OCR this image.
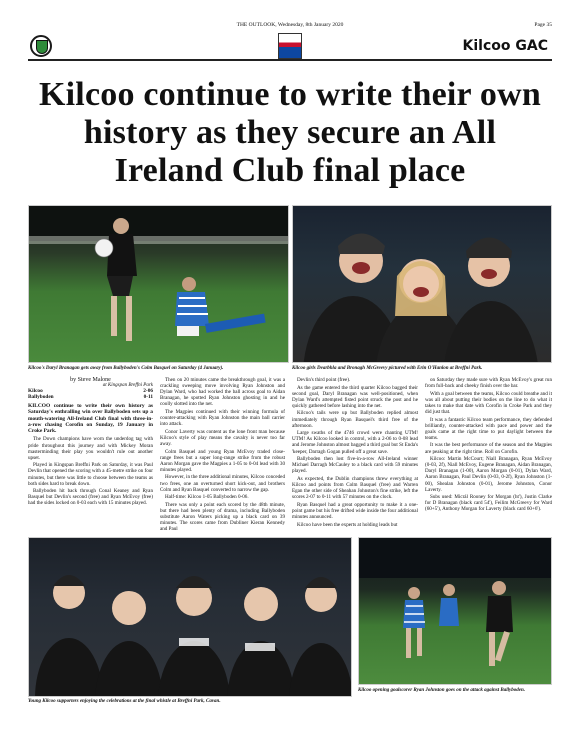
THE OUTLOOK, Wednesday, 8th January 2020	Page 35
Kilcoo GAC
Kilcoo continue to write their own history as they secure an All Ireland Club final place
Kilcoo's Daryl Branagan gets away from Ballyboden's Colm Basquel on Saturday (4 January).	Kilcoo girls Dearbhla and Bronagh McGreevy pictured with Erin O'Hanlon at Breffni Park.
by Steve Malone
at Kingspan Breffni Park
Kilcoo	2-06
Ballyboden	0-11
KILCOO continue to write their own history as Saturday's enthralling win over Ballyboden sets up a mouth-watering All-Ireland Club final with three-in-a-row chasing Corofin on Sunday, 19 January in Croke Park.

The Down champions have worn the underdog tag with pride throughout this journey and with Mickey Moran masterminding their play you wouldn't rule out another upset.

Played in Kingspan Breffni Park on Saturday, it was Paul Devlin that opened the scoring with a 45-metre strike on four minutes, but there was little to choose between the teams as both sides hard to break down.

Ballyboden hit back through Conal Keaney and Ryan Basquel but Devlin's second (free) and Ryan McEvoy (free) had the sides locked on 0-03 each with 15 minutes played.

Then on 20 minutes came the breakthrough goal, it was a crackling sweeping move involving Ryan Johnston and Dylan Ward, who had worked the ball across goal to Aidan Branagan, he spotted Ryan Johnston ghosting in and he coolly slotted into the net.

The Magpies continued with their winning formula of counter-attacking with Ryan Johnston the main ball carrier into attack.

Conor Laverty was content as the lone front man because Kilcoo's style of play means the cavalry is never too far away.

Colm Basquel and young Ryan McEvoy traded close-range frees but a super long-range strike from the robust Aaron Morgan gave the Magpies a 1-05 to 0-04 lead with 30 minutes played.

However, in the three additional minutes, Kilcoo conceded two frees, one an overturned short kick-out, and brothers Colm and Ryan Basquel converted to narrow the gap.

Half-time: Kilcoo 1-05 Ballyboden 0-06.

There was only a point each scored by the 48th minute, but there had been plenty of drama, including Ballyboden substitute Aaron Waters picking up a black card on 39 minutes. The scores came from Dubliner Kieran Kennedy and Paul

Devlin's third point (free).

As the game entered the third quarter Kilcoo bagged their second goal, Daryl Branagan was well-positioned, when Dylan Ward's attempted fisted point struck the post and he quickly gathered before lashing into the net.

Kilcoo's tails were up but Ballyboden replied almost immediately through Ryan Basquel's third free of the afternoon.

Large swaths of the 4746 crowd were chanting UTM! UTM! As Kilcoo looked in control, with a 2-06 to 0-08 lead and Jerome Johnston almost bagged a third goal but St Enda's 'keeper, Darragh Gogan pulled off a great save.

Ballyboden then lost five-in-a-row All-Ireland winner Michael Darragh McCauley to a black card with 59 minutes played.

As expected, the Dublin champions threw everything at Kilcoo and points from Colm Basquel (free) and Warren Egan the other side of Sheahan Johnston's fine strike, left the scores 2-07 to 0-11 with 57 minutes on the clock.

Ryan Basquel had a great opportunity to make it a one-point game but his free drifted wide inside the four additional minutes announced.

Kilcoo have been the experts at holding leads but

on Saturday they made sure with Ryan McEvoy's great run from full-back and cheeky finish over the bar.

With a goal between the teams, Kilcoo could breathe and it was all about putting their bodies on the line to do what it takes to make that date with Corofin in Croke Park and they did just that.

It was a fantastic Kilcoo team performance, they defended brilliantly, counter-attacked with pace and power and the goals came at the right time to put daylight between the teams.

It was the best performance of the season and the Magpies are peaking at the right time. Roll on Corofin.

Kilcoo: Martin McCourt; Niall Branagan, Ryan McEvoy (0-03, 2f), Niall McEvoy, Eugene Branagan, Aidan Branagan, Daryl Branagan (1-00), Aaron Morgan (0-01), Dylan Ward, Aaron Branagan, Paul Devlin (0-03, 0-2f), Ryan Johnston (1-00), Shealan Johnston (0-01), Jerome Johnston, Conor Laverty.

Subs used: Micrál Rooney for Morgan (ht'), Justin Clarke for D Branagan (black card 54'), Feilim McGreevy for Ward (60+5'), Anthony Morgan for Laverty (black card 60+6').

Young Kilcoo supporters enjoying the celebrations at the final whistle at Breffni Park, Cavan.
Kilcoo opening goalscorer Ryan Johnston goes on the attack against Ballyboden.
